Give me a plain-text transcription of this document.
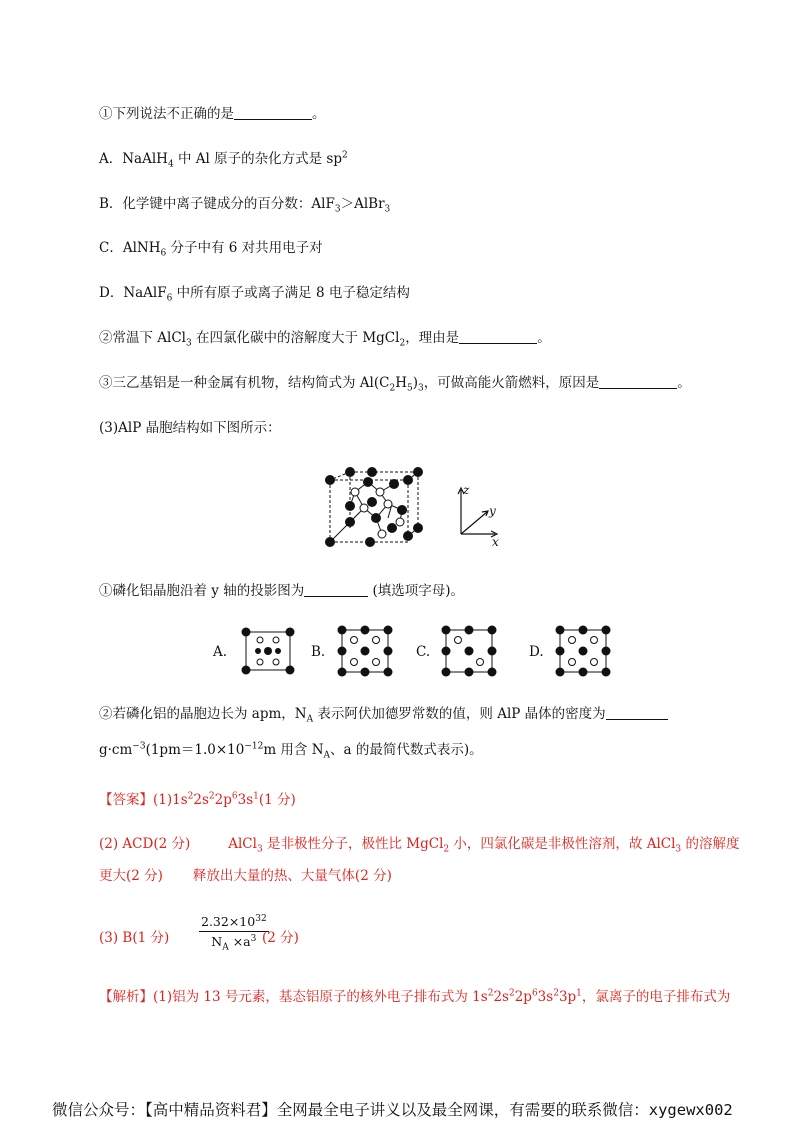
①下列说法不正确的是	。
A．NaAlH$_4$ 中 Al 原子的杂化方式是 $sp^2$
B．化学键中离子键成分的百分数：AlF$_3$＞AlBr$_3$
C．AlNH$_6$ 分子中有 6 对共用电子对
D．NaAlF$_6$ 中所有原子或离子满足 8 电子稳定结构
②常温下 AlCl$_3$ 在四氯化碳中的溶解度大于 MgCl$_2$，理由是	。
③三乙基铝是一种金属有机物，结构简式为 $Al(C_2H_5)_3$，可做高能火箭燃料，原因是	。
(3)AlP 晶胞结构如下图所示：
z
y
x
①磷化铝晶胞沿着 y 轴的投影图为	(填选项字母)。
A.	B.	C.	D.
②若磷化铝的晶胞边长为 apm，$N_A$ 表示阿伏加德罗常数的值，则 AlP 晶体的密度为
$g\cdot cm^{-3}(1pm=1.0\times 10^{-12}m$ 用含 $N_A$、a 的最简代数式表示)。
【答案】$(1)1s^22s^22p^63s^1(1$ 分)
(2) ACD(2 分)	AlCl$_3$ 是非极性分子，极性比 MgCl$_2$ 小，四氯化碳是非极性溶剂，故 AlCl$_3$ 的溶解度
更大(2 分) 释放出大量的热、大量气体(2 分)
(3) B(1 分) $\frac{2.32\times 10^{32}}{N_A \times a^3}$
(2 分)
【解析】(1)铝为 13 号元素，基态铝原子的核外电子排布式为 $1s^22s^22p^63s^23p^1$，氯离子的电子排布式为
微信公众号：【高中精品资料君】全网最全电子讲义以及最全网课，有需要的联系微信：xygewx002
